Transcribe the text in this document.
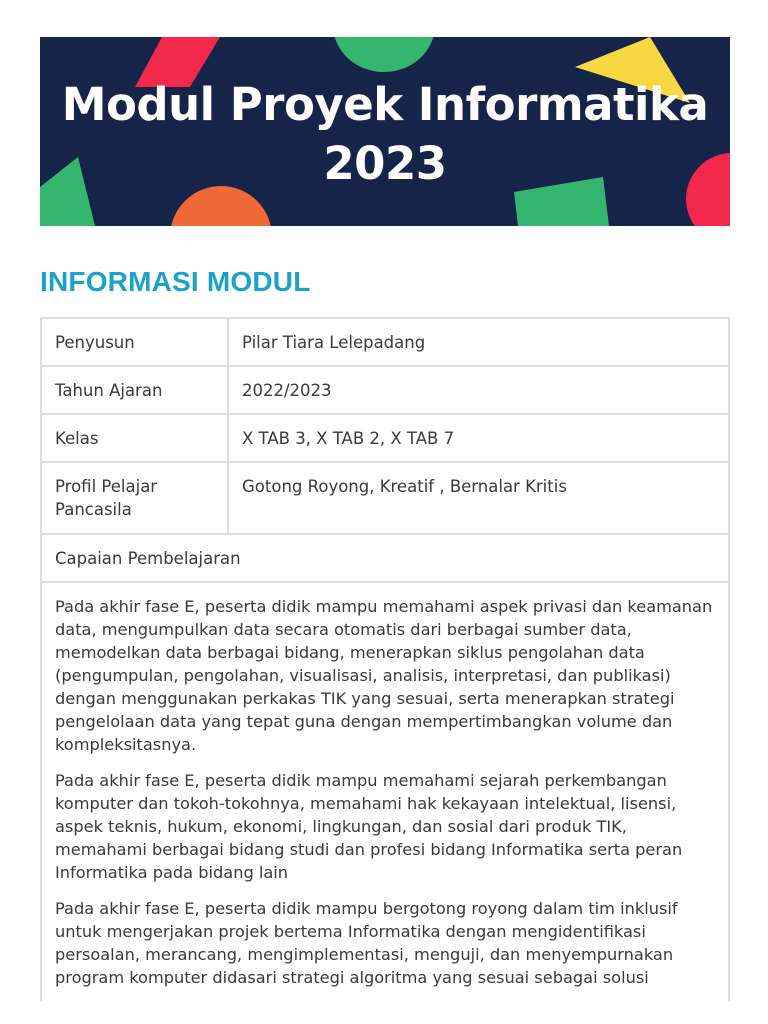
Modul Proyek Informatika
2023
INFORMASI MODUL
Penyusun	Pilar Tiara Lelepadang
Tahun Ajaran	2022/2023
Kelas	X TAB 3, X TAB 2, X TAB 7
Profil Pelajar Pancasila	Gotong Royong, Kreatif , Bernalar Kritis
Capaian Pembelajaran	

Pada akhir fase E, peserta didik mampu memahami aspek privasi dan keamanan data, mengumpulkan data secara otomatis dari berbagai sumber data, memodelkan data berbagai bidang, menerapkan siklus pengolahan data (pengumpulan, pengolahan, visualisasi, analisis, interpretasi, dan publikasi) dengan menggunakan perkakas TIK yang sesuai, serta menerapkan strategi pengelolaan data yang tepat guna dengan mempertimbangkan volume dan kompleksitasnya.

Pada akhir fase E, peserta didik mampu memahami sejarah perkembangan komputer dan tokoh-tokohnya, memahami hak kekayaan intelektual, lisensi, aspek teknis, hukum, ekonomi, lingkungan, dan sosial dari produk TIK, memahami berbagai bidang studi dan profesi bidang Informatika serta peran Informatika pada bidang lain

Pada akhir fase E, peserta didik mampu bergotong royong dalam tim inklusif untuk mengerjakan projek bertema Informatika dengan mengidentifikasi persoalan, merancang, mengimplementasi, menguji, dan menyempurnakan program komputer didasari strategi algoritma yang sesuai sebagai solusi	
